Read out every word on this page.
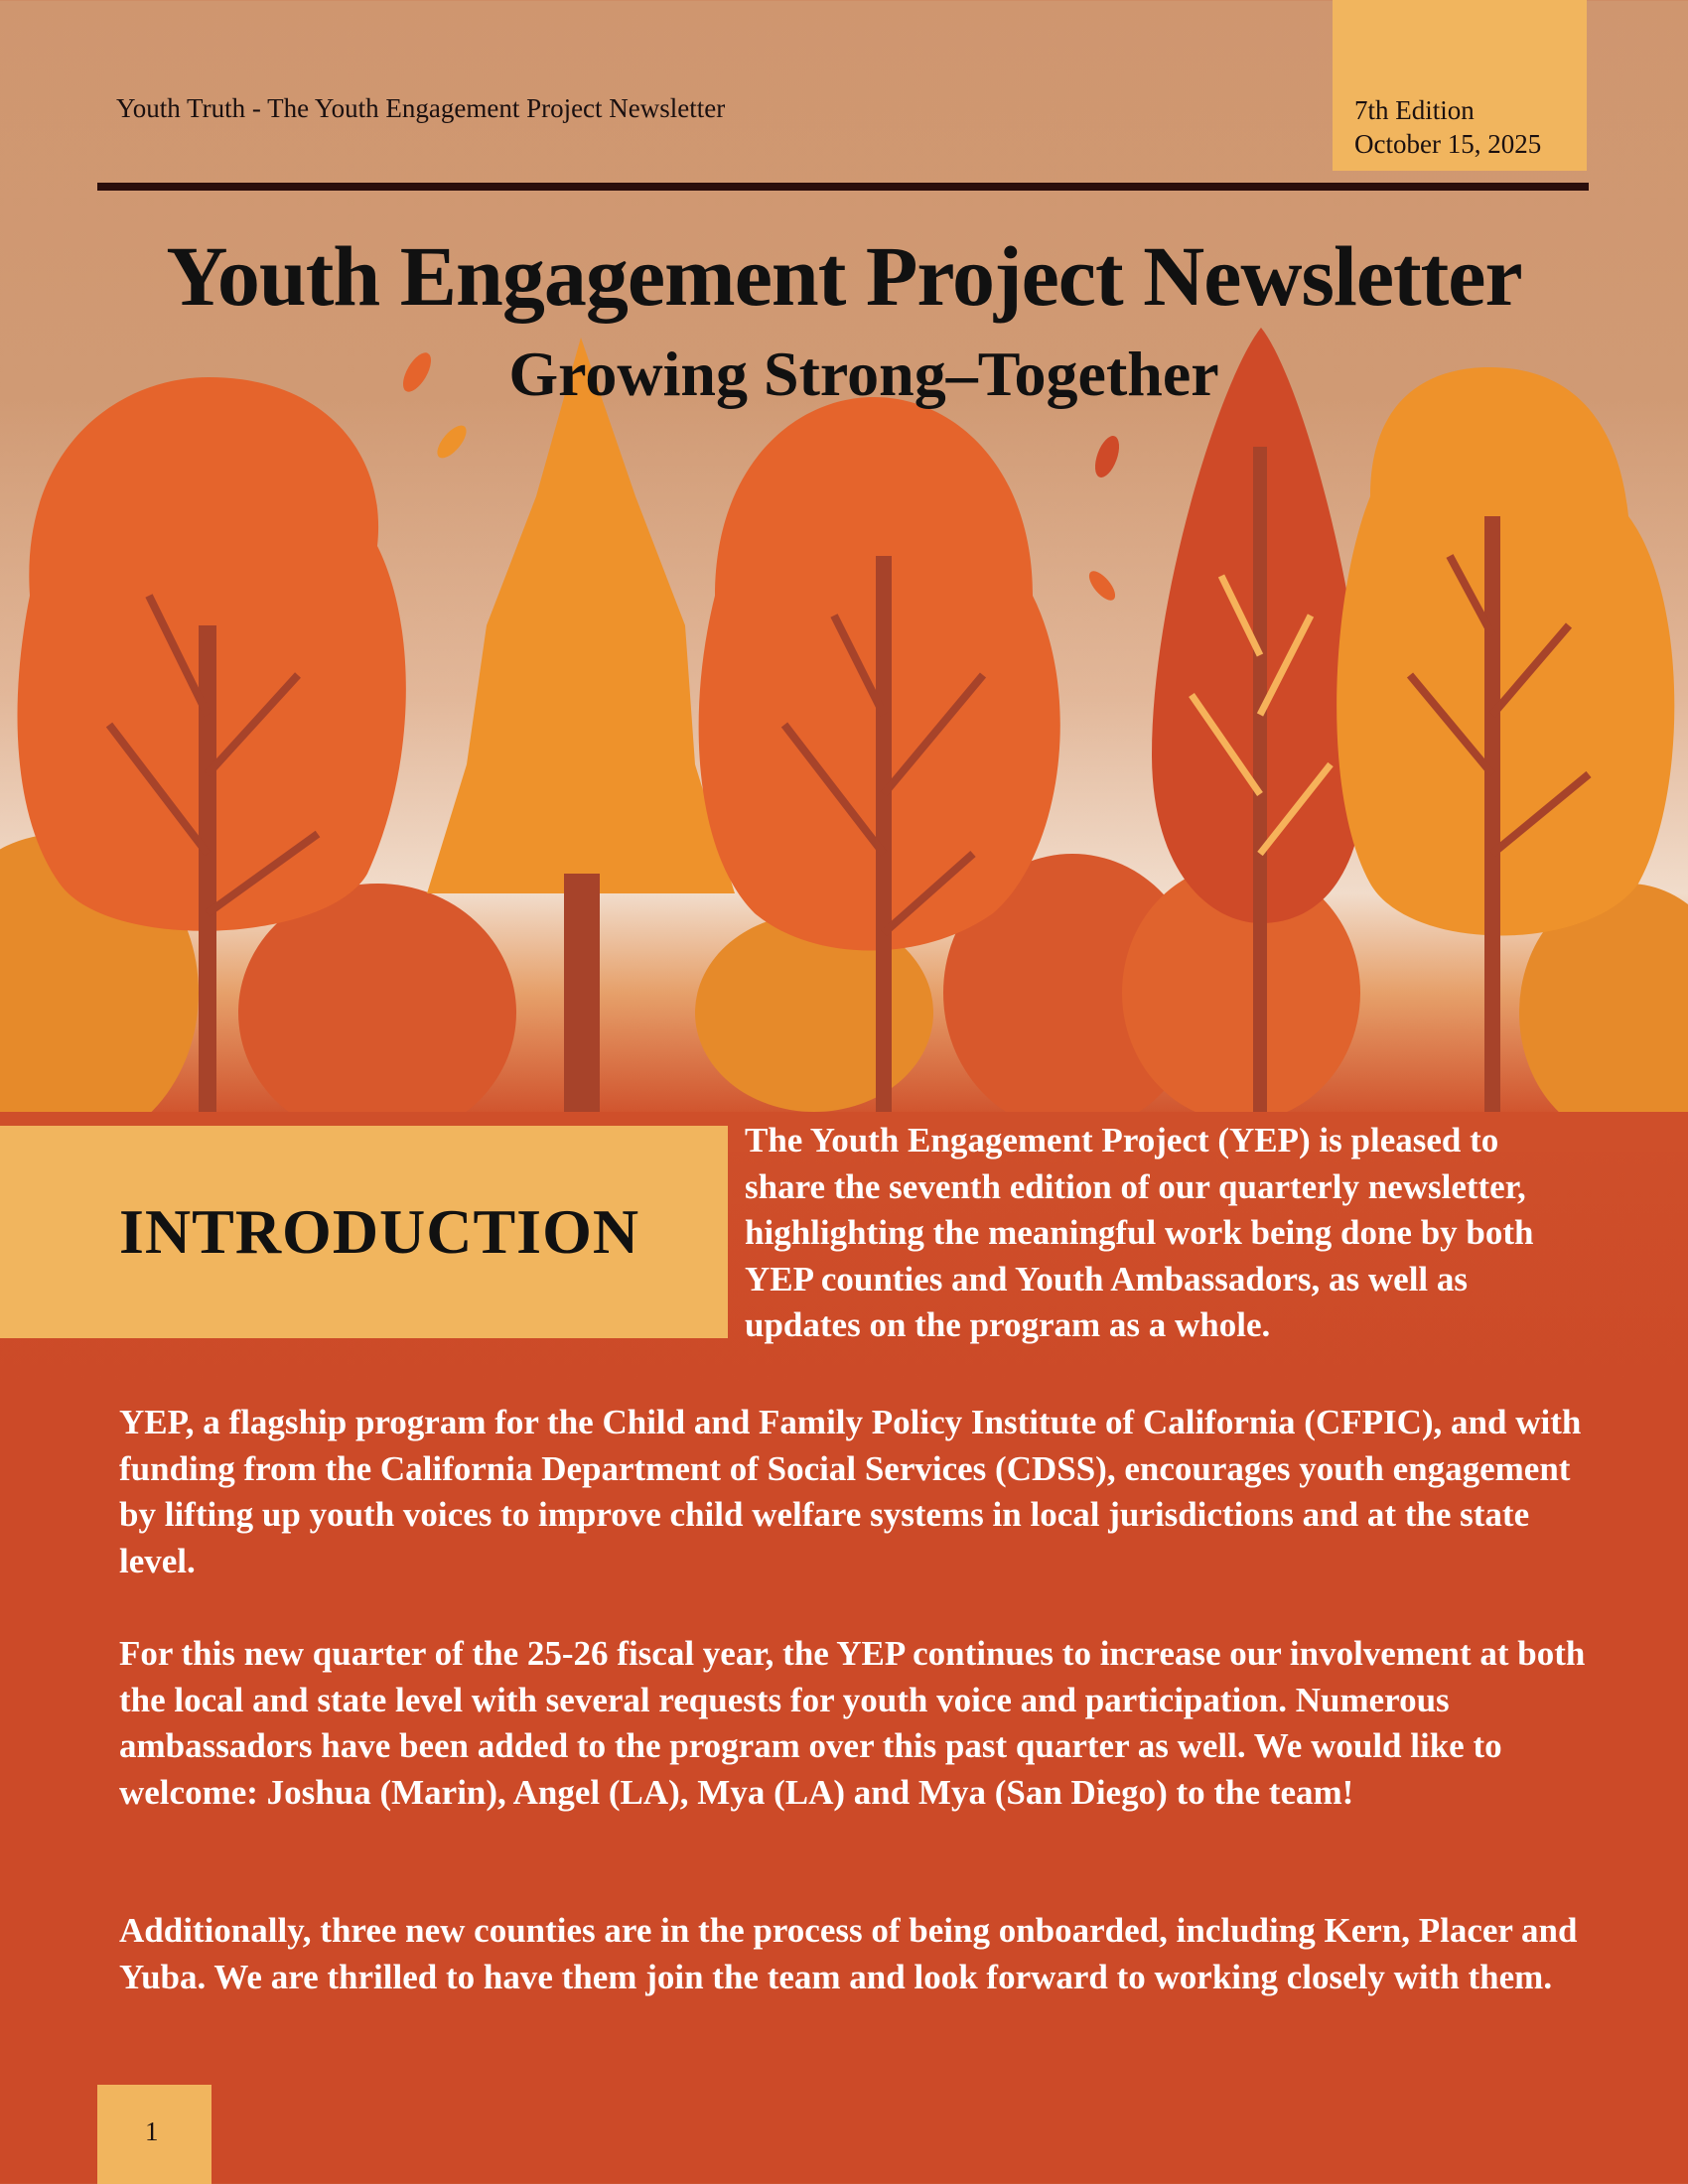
Youth Truth - The Youth Engagement Project Newsletter	7th Edition
October 15, 2025
Youth Engagement Project Newsletter
Growing Strong–Together
INTRODUCTION
The Youth Engagement Project (YEP) is pleased to share the seventh edition of our quarterly newsletter, highlighting the meaningful work being done by both YEP counties and Youth Ambassadors, as well as updates on the program as a whole.
YEP, a flagship program for the Child and Family Policy Institute of California (CFPIC), and with funding from the California Department of Social Services (CDSS), encourages youth engagement by lifting up youth voices to improve child welfare systems in local jurisdictions and at the state level.
For this new quarter of the 25-26 fiscal year, the YEP continues to increase our involvement at both the local and state level with several requests for youth voice and participation. Numerous ambassadors have been added to the program over this past quarter as well. We would like to welcome: Joshua (Marin), Angel (LA), Mya (LA) and Mya (San Diego) to the team!
Additionally, three new counties are in the process of being onboarded, including Kern, Placer and Yuba. We are thrilled to have them join the team and look forward to working closely with them.
1
